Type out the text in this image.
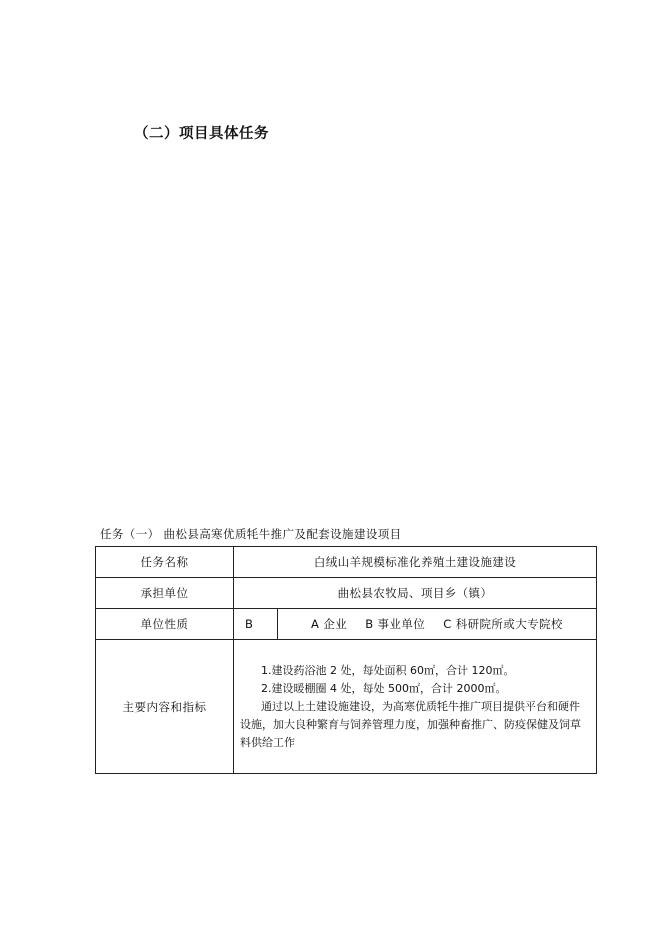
（二）项目具体任务
任务（一） 曲松县高寒优质牦牛推广及配套设施建设项目
任务名称	白绒山羊规模标准化养殖土建设施建设	
承担单位	曲松县农牧局、项目乡（镇）	
单位性质	B	A 企业 B 事业单位 C 科研院所或大专院校
主要内容和指标	1.建设药浴池 2 处，每处面积 60㎡，合计 120㎡。
2.建设暖棚圈 4 处，每处 500㎡，合计 2000㎡。
通过以上土建设施建设，为高寒优质牦牛推广项目提供平台和硬件设施，加大良种繁育与饲养管理力度，加强种畜推广、防疫保健及饲草料供给工作	
